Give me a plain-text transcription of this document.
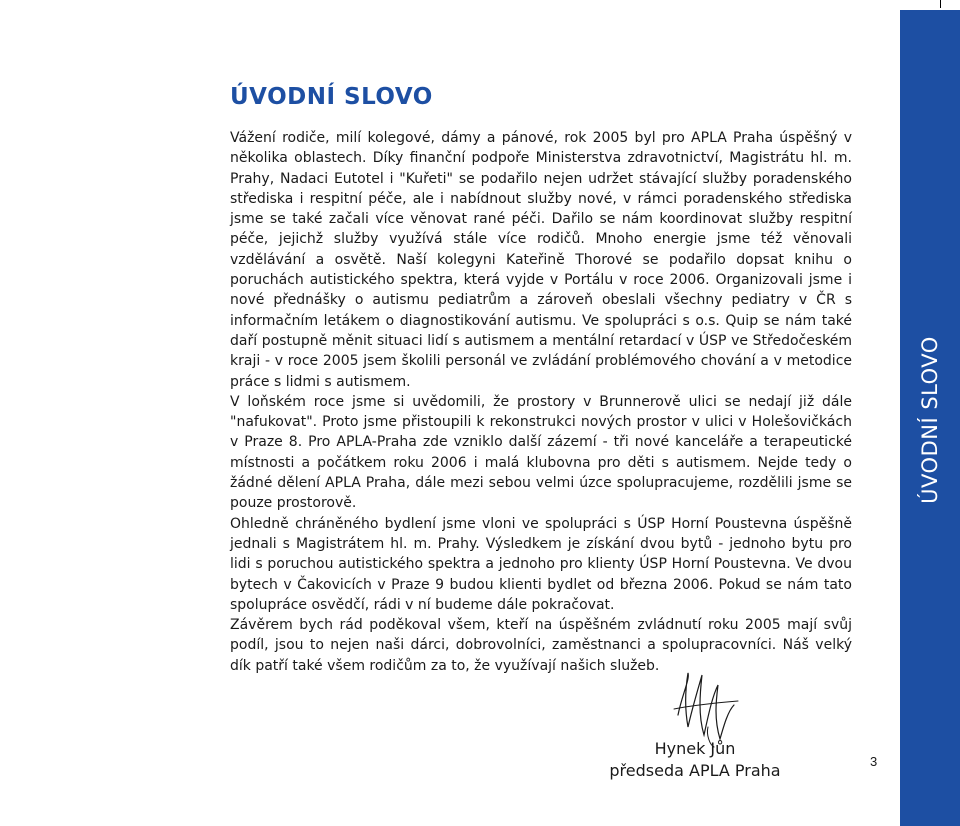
ÚVODNÍ SLOVO

Vážení rodiče, milí kolegové, dámy a pánové, rok 2005 byl pro APLA Praha úspěšný v několika oblastech. Díky finanční podpoře Ministerstva zdravotnictví, Magistrátu hl. m. Prahy, Nadaci Eutotel i "Kuřeti" se podařilo nejen udržet stávající služby poradenského střediska i respitní péče, ale i nabídnout služby nové, v rámci poradenského střediska jsme se také začali více věnovat rané péči. Dařilo se nám koordinovat služby respitní péče, jejichž služby využívá stále více rodičů. Mnoho energie jsme též věnovali vzdělávání a osvětě. Naší kolegyni Kateřině Thorové se podařilo dopsat knihu o poruchách autistického spektra, která vyjde v Portálu v roce 2006. Organizovali jsme i nové přednášky o autismu pediatrům a zároveň obeslali všechny pediatry v ČR s informačním letákem o diagnostikování autismu. Ve spolupráci s o.s. Quip se nám také daří postupně měnit situaci lidí s autismem a mentální retardací v ÚSP ve Středočeském kraji - v roce 2005 jsem školili personál ve zvládání problémového chování a v metodice práce s lidmi s autismem.

V loňském roce jsme si uvědomili, že prostory v Brunnerově ulici se nedají již dále "nafukovat". Proto jsme přistoupili k rekonstrukci nových prostor v ulici v Holešovičkách v Praze 8. Pro APLA-Praha zde vzniklo další zázemí - tři nové kanceláře a terapeutické místnosti a počátkem roku 2006 i malá klubovna pro děti s autismem. Nejde tedy o žádné dělení APLA Praha, dále mezi sebou velmi úzce spolupracujeme, rozdělili jsme se pouze prostorově.

Ohledně chráněného bydlení jsme vloni ve spolupráci s ÚSP Horní Poustevna úspěšně jednali s Magistrátem hl. m. Prahy. Výsledkem je získání dvou bytů - jednoho bytu pro lidi s poruchou autistického spektra a jednoho pro klienty ÚSP Horní Poustevna. Ve dvou bytech v Čakovicích v Praze 9 budou klienti bydlet od března 2006. Pokud se nám tato spolupráce osvědčí, rádi v ní budeme dále pokračovat.

Závěrem bych rád poděkoval všem, kteří na úspěšném zvládnutí roku 2005 mají svůj podíl, jsou to nejen naši dárci, dobrovolníci, zaměstnanci a spolupracovníci. Náš velký dík patří také všem rodičům za to, že využívají našich služeb.

Hynek Jůn
předseda APLA Praha

ÚVODNÍ SLOVO
3
